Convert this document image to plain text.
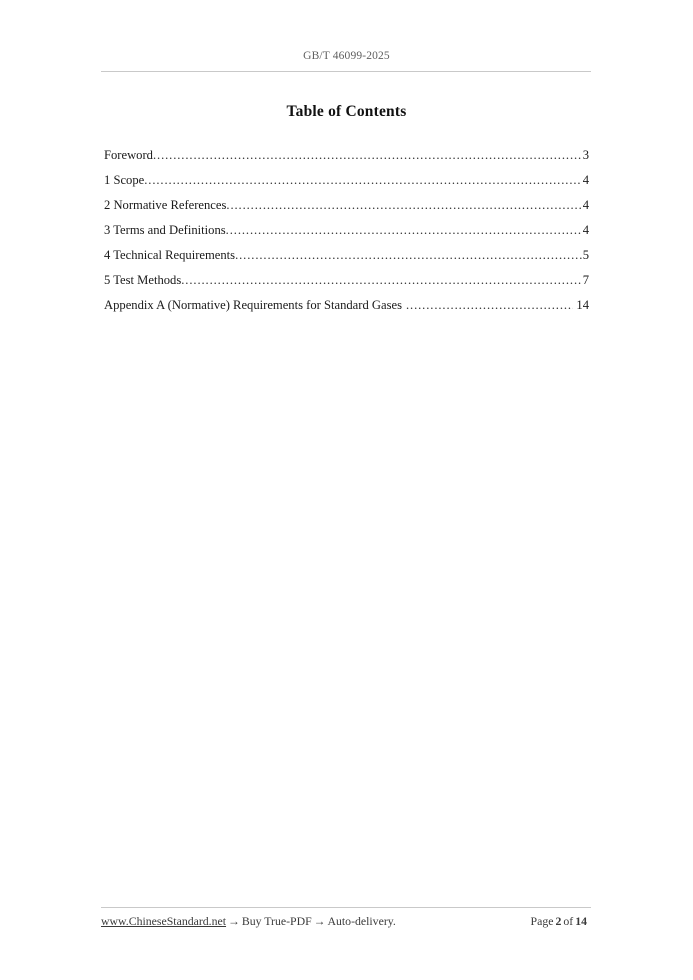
GB/T 46099-2025
Table of Contents
Foreword .....	3
1 Scope .....	4
2 Normative References .....	4
3 Terms and Definitions .....	4
4 Technical Requirements .....	5
5 Test Methods .....	7
Appendix A (Normative) Requirements for Standard Gases .....	14
www.ChineseStandard.net → Buy True-PDF → Auto-delivery.	Page 2 of 14
